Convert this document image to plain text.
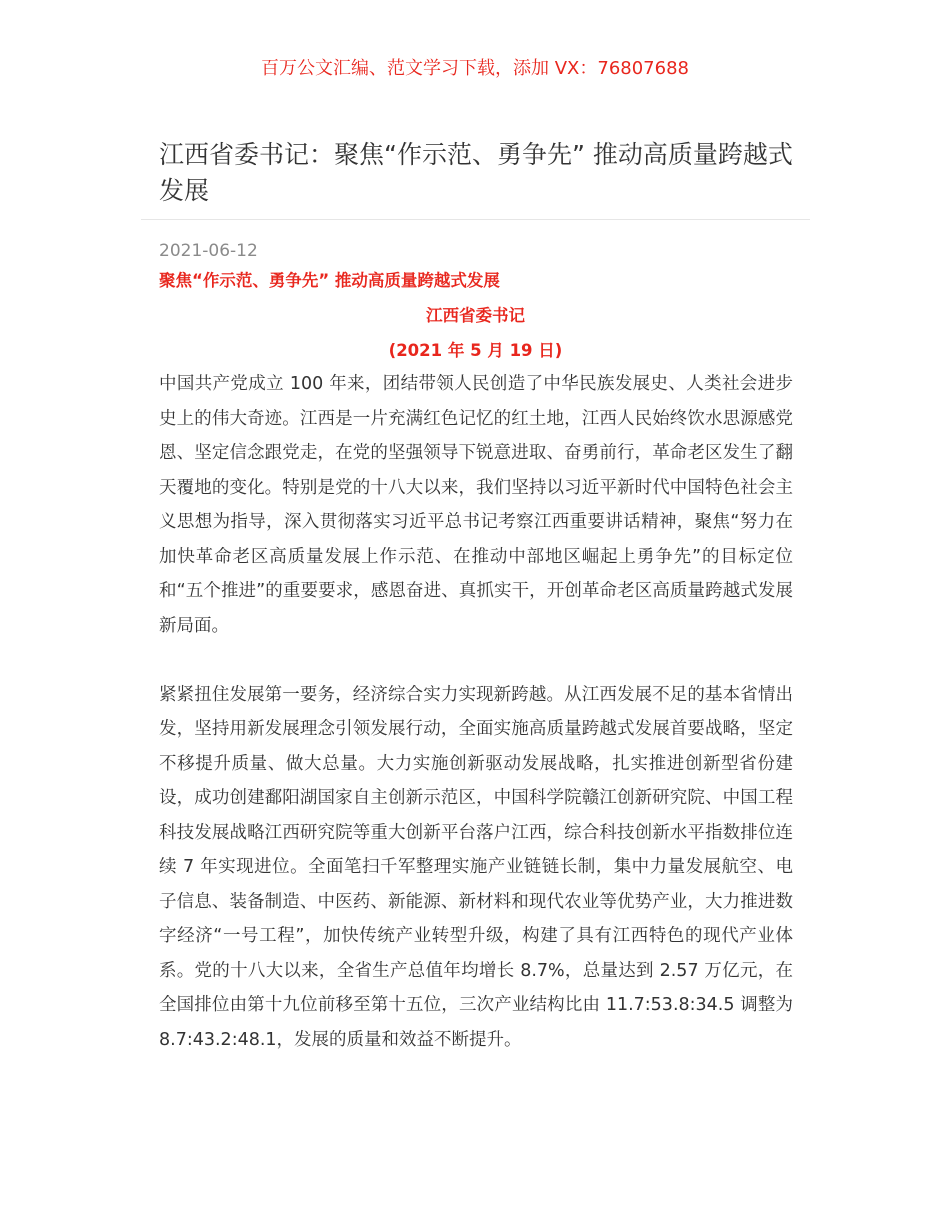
百万公文汇编、范文学习下载，添加 VX：76807688
江西省委书记：聚焦“作示范、勇争先” 推动高质量跨越式发展
2021-06-12
聚焦“作示范、勇争先” 推动高质量跨越式发展
江西省委书记
(2021 年 5 月 19 日)

中国共产党成立 100 年来，团结带领人民创造了中华民族发展史、人类社会进步史上的伟大奇迹。江西是一片充满红色记忆的红土地，江西人民始终饮水思源感党恩、坚定信念跟党走，在党的坚强领导下锐意进取、奋勇前行，革命老区发生了翻天覆地的变化。特别是党的十八大以来，我们坚持以习近平新时代中国特色社会主义思想为指导，深入贯彻落实习近平总书记考察江西重要讲话精神，聚焦“努力在加快革命老区高质量发展上作示范、在推动中部地区崛起上勇争先”的目标定位和“五个推进”的重要要求，感恩奋进、真抓实干，开创革命老区高质量跨越式发展新局面。

紧紧扭住发展第一要务，经济综合实力实现新跨越。从江西发展不足的基本省情出发，坚持用新发展理念引领发展行动，全面实施高质量跨越式发展首要战略，坚定不移提升质量、做大总量。大力实施创新驱动发展战略，扎实推进创新型省份建设，成功创建鄱阳湖国家自主创新示范区，中国科学院赣江创新研究院、中国工程科技发展战略江西研究院等重大创新平台落户江西，综合科技创新水平指数排位连续 7 年实现进位。全面笔扫千军整理实施产业链链长制，集中力量发展航空、电子信息、装备制造、中医药、新能源、新材料和现代农业等优势产业，大力推进数字经济“一号工程”，加快传统产业转型升级，构建了具有江西特色的现代产业体系。党的十八大以来，全省生产总值年均增长 8.7%，总量达到 2.57 万亿元，在全国排位由第十九位前移至第十五位，三次产业结构比由 11.7:53.8:34.5 调整为 8.7:43.2:48.1，发展的质量和效益不断提升。
